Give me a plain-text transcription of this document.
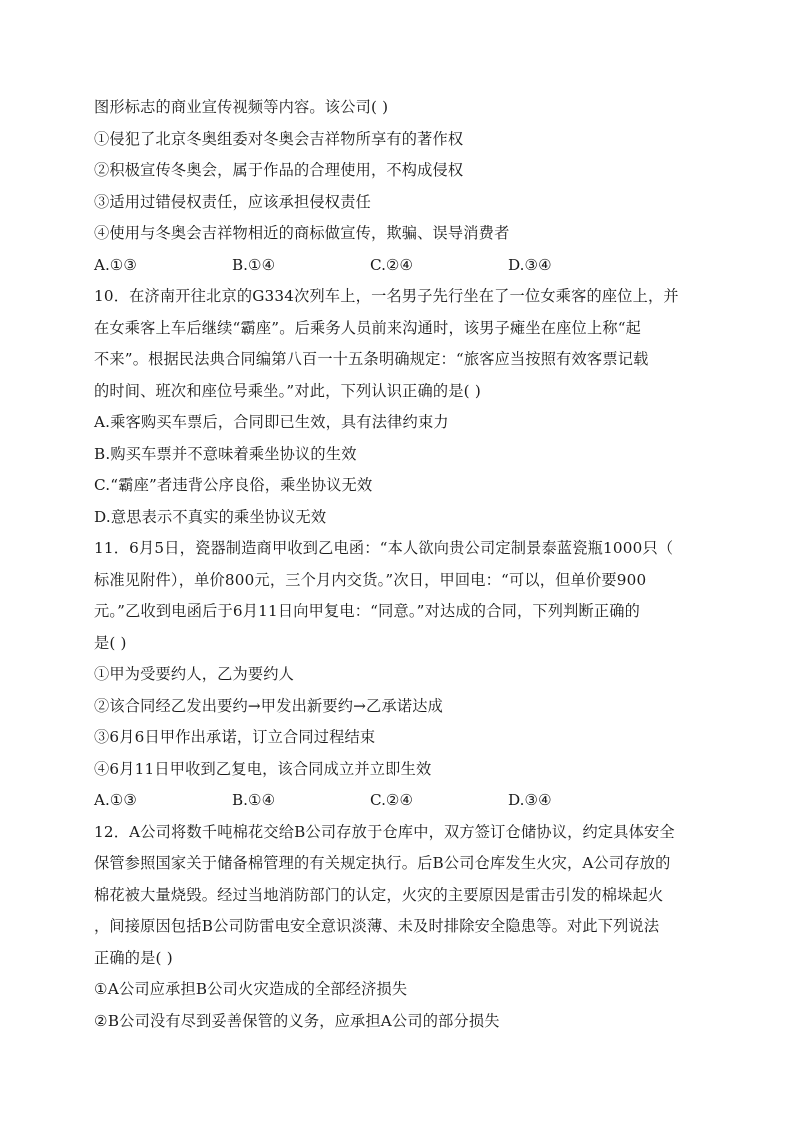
图形标志的商业宣传视频等内容。该公司( )
①侵犯了北京冬奥组委对冬奥会吉祥物所享有的著作权
②积极宣传冬奥会，属于作品的合理使用，不构成侵权
③适用过错侵权责任，应该承担侵权责任
④使用与冬奥会吉祥物相近的商标做宣传，欺骗、误导消费者
A.①③	B.①④	C.②④	D.③④
10．在济南开往北京的G334次列车上，一名男子先行坐在了一位女乘客的座位上，并
在女乘客上车后继续“霸座”。后乘务人员前来沟通时，该男子瘫坐在座位上称“起
不来”。根据民法典合同编第八百一十五条明确规定：“旅客应当按照有效客票记载
的时间、班次和座位号乘坐。”对此，下列认识正确的是( )
A.乘客购买车票后，合同即已生效，具有法律约束力
B.购买车票并不意味着乘坐协议的生效
C.“霸座”者违背公序良俗，乘坐协议无效
D.意思表示不真实的乘坐协议无效
11．6月5日，瓷器制造商甲收到乙电函：“本人欲向贵公司定制景泰蓝瓷瓶1000只（
标准见附件），单价800元，三个月内交货。”次日，甲回电：“可以，但单价要900
元。”乙收到电函后于6月11日向甲复电：“同意。”对达成的合同，下列判断正确的
是( )
①甲为受要约人，乙为要约人
②该合同经乙发出要约→甲发出新要约→乙承诺达成
③6月6日甲作出承诺，订立合同过程结束
④6月11日甲收到乙复电，该合同成立并立即生效
A.①③	B.①④	C.②④	D.③④
12．A公司将数千吨棉花交给B公司存放于仓库中，双方签订仓储协议，约定具体安全
保管参照国家关于储备棉管理的有关规定执行。后B公司仓库发生火灾，A公司存放的
棉花被大量烧毁。经过当地消防部门的认定，火灾的主要原因是雷击引发的棉垛起火
，间接原因包括B公司防雷电安全意识淡薄、未及时排除安全隐患等。对此下列说法
正确的是( )
①A公司应承担B公司火灾造成的全部经济损失
②B公司没有尽到妥善保管的义务，应承担A公司的部分损失
